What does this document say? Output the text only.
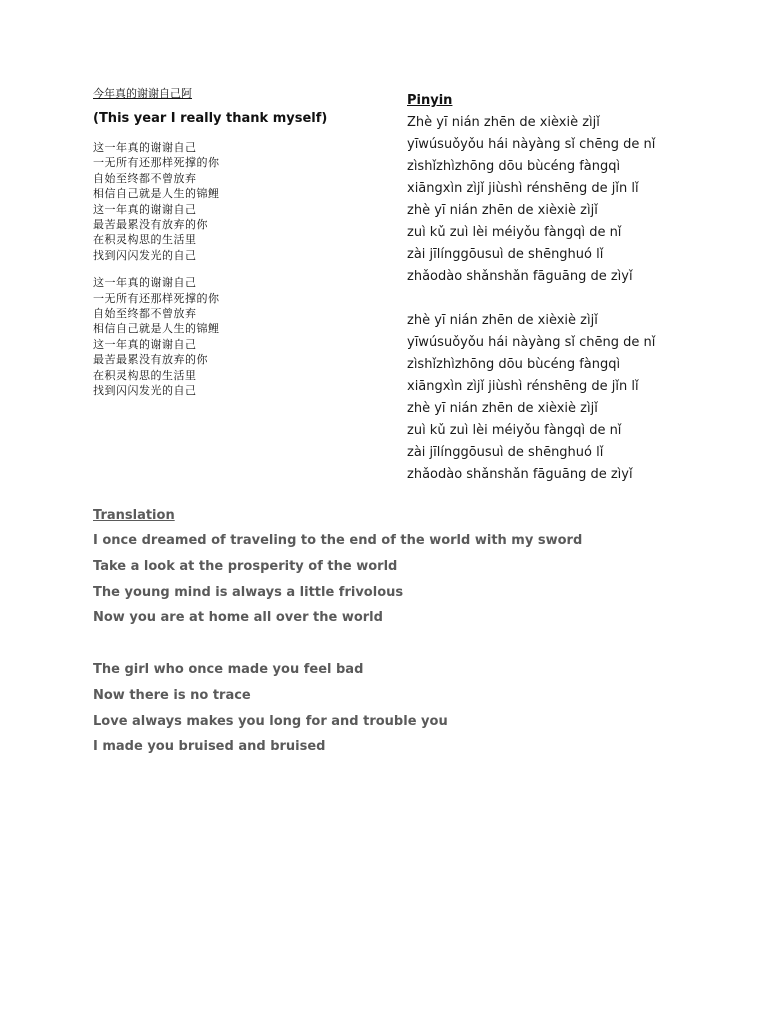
今年真的谢谢自己阿
(This year I really thank myself)
这一年真的谢谢自己
一无所有还那样死撑的你
自始至终都不曾放弃
相信自己就是人生的锦鲤
这一年真的谢谢自己
最苦最累没有放弃的你
在积灵构思的生活里
找到闪闪发光的自己
这一年真的谢谢自己
一无所有还那样死撑的你
自始至终都不曾放弃
相信自己就是人生的锦鲤
这一年真的谢谢自己
最苦最累没有放弃的你
在积灵构思的生活里
找到闪闪发光的自己
Pinyin
Zhè yī nián zhēn de xièxiè zìjǐ
yīwúsuǒyǒu hái nàyàng sǐ chēng de nǐ
zìshǐzhìzhōng dōu bùcéng fàngqì
xiāngxìn zìjǐ jiùshì rénshēng de jǐn lǐ
zhè yī nián zhēn de xièxiè zìjǐ
zuì kǔ zuì lèi méiyǒu fàngqì de nǐ
zài jīlínggōusuì de shēnghuó lǐ
zhǎodào shǎnshǎn fāguāng de zìyǐ
zhè yī nián zhēn de xièxiè zìjǐ
yīwúsuǒyǒu hái nàyàng sǐ chēng de nǐ
zìshǐzhìzhōng dōu bùcéng fàngqì
xiāngxìn zìjǐ jiùshì rénshēng de jǐn lǐ
zhè yī nián zhēn de xièxiè zìjǐ
zuì kǔ zuì lèi méiyǒu fàngqì de nǐ
zài jīlínggōusuì de shēnghuó lǐ
zhǎodào shǎnshǎn fāguāng de zìyǐ
Translation
I once dreamed of traveling to the end of the world with my sword
Take a look at the prosperity of the world
The young mind is always a little frivolous
Now you are at home all over the world
The girl who once made you feel bad
Now there is no trace
Love always makes you long for and trouble you
I made you bruised and bruised
